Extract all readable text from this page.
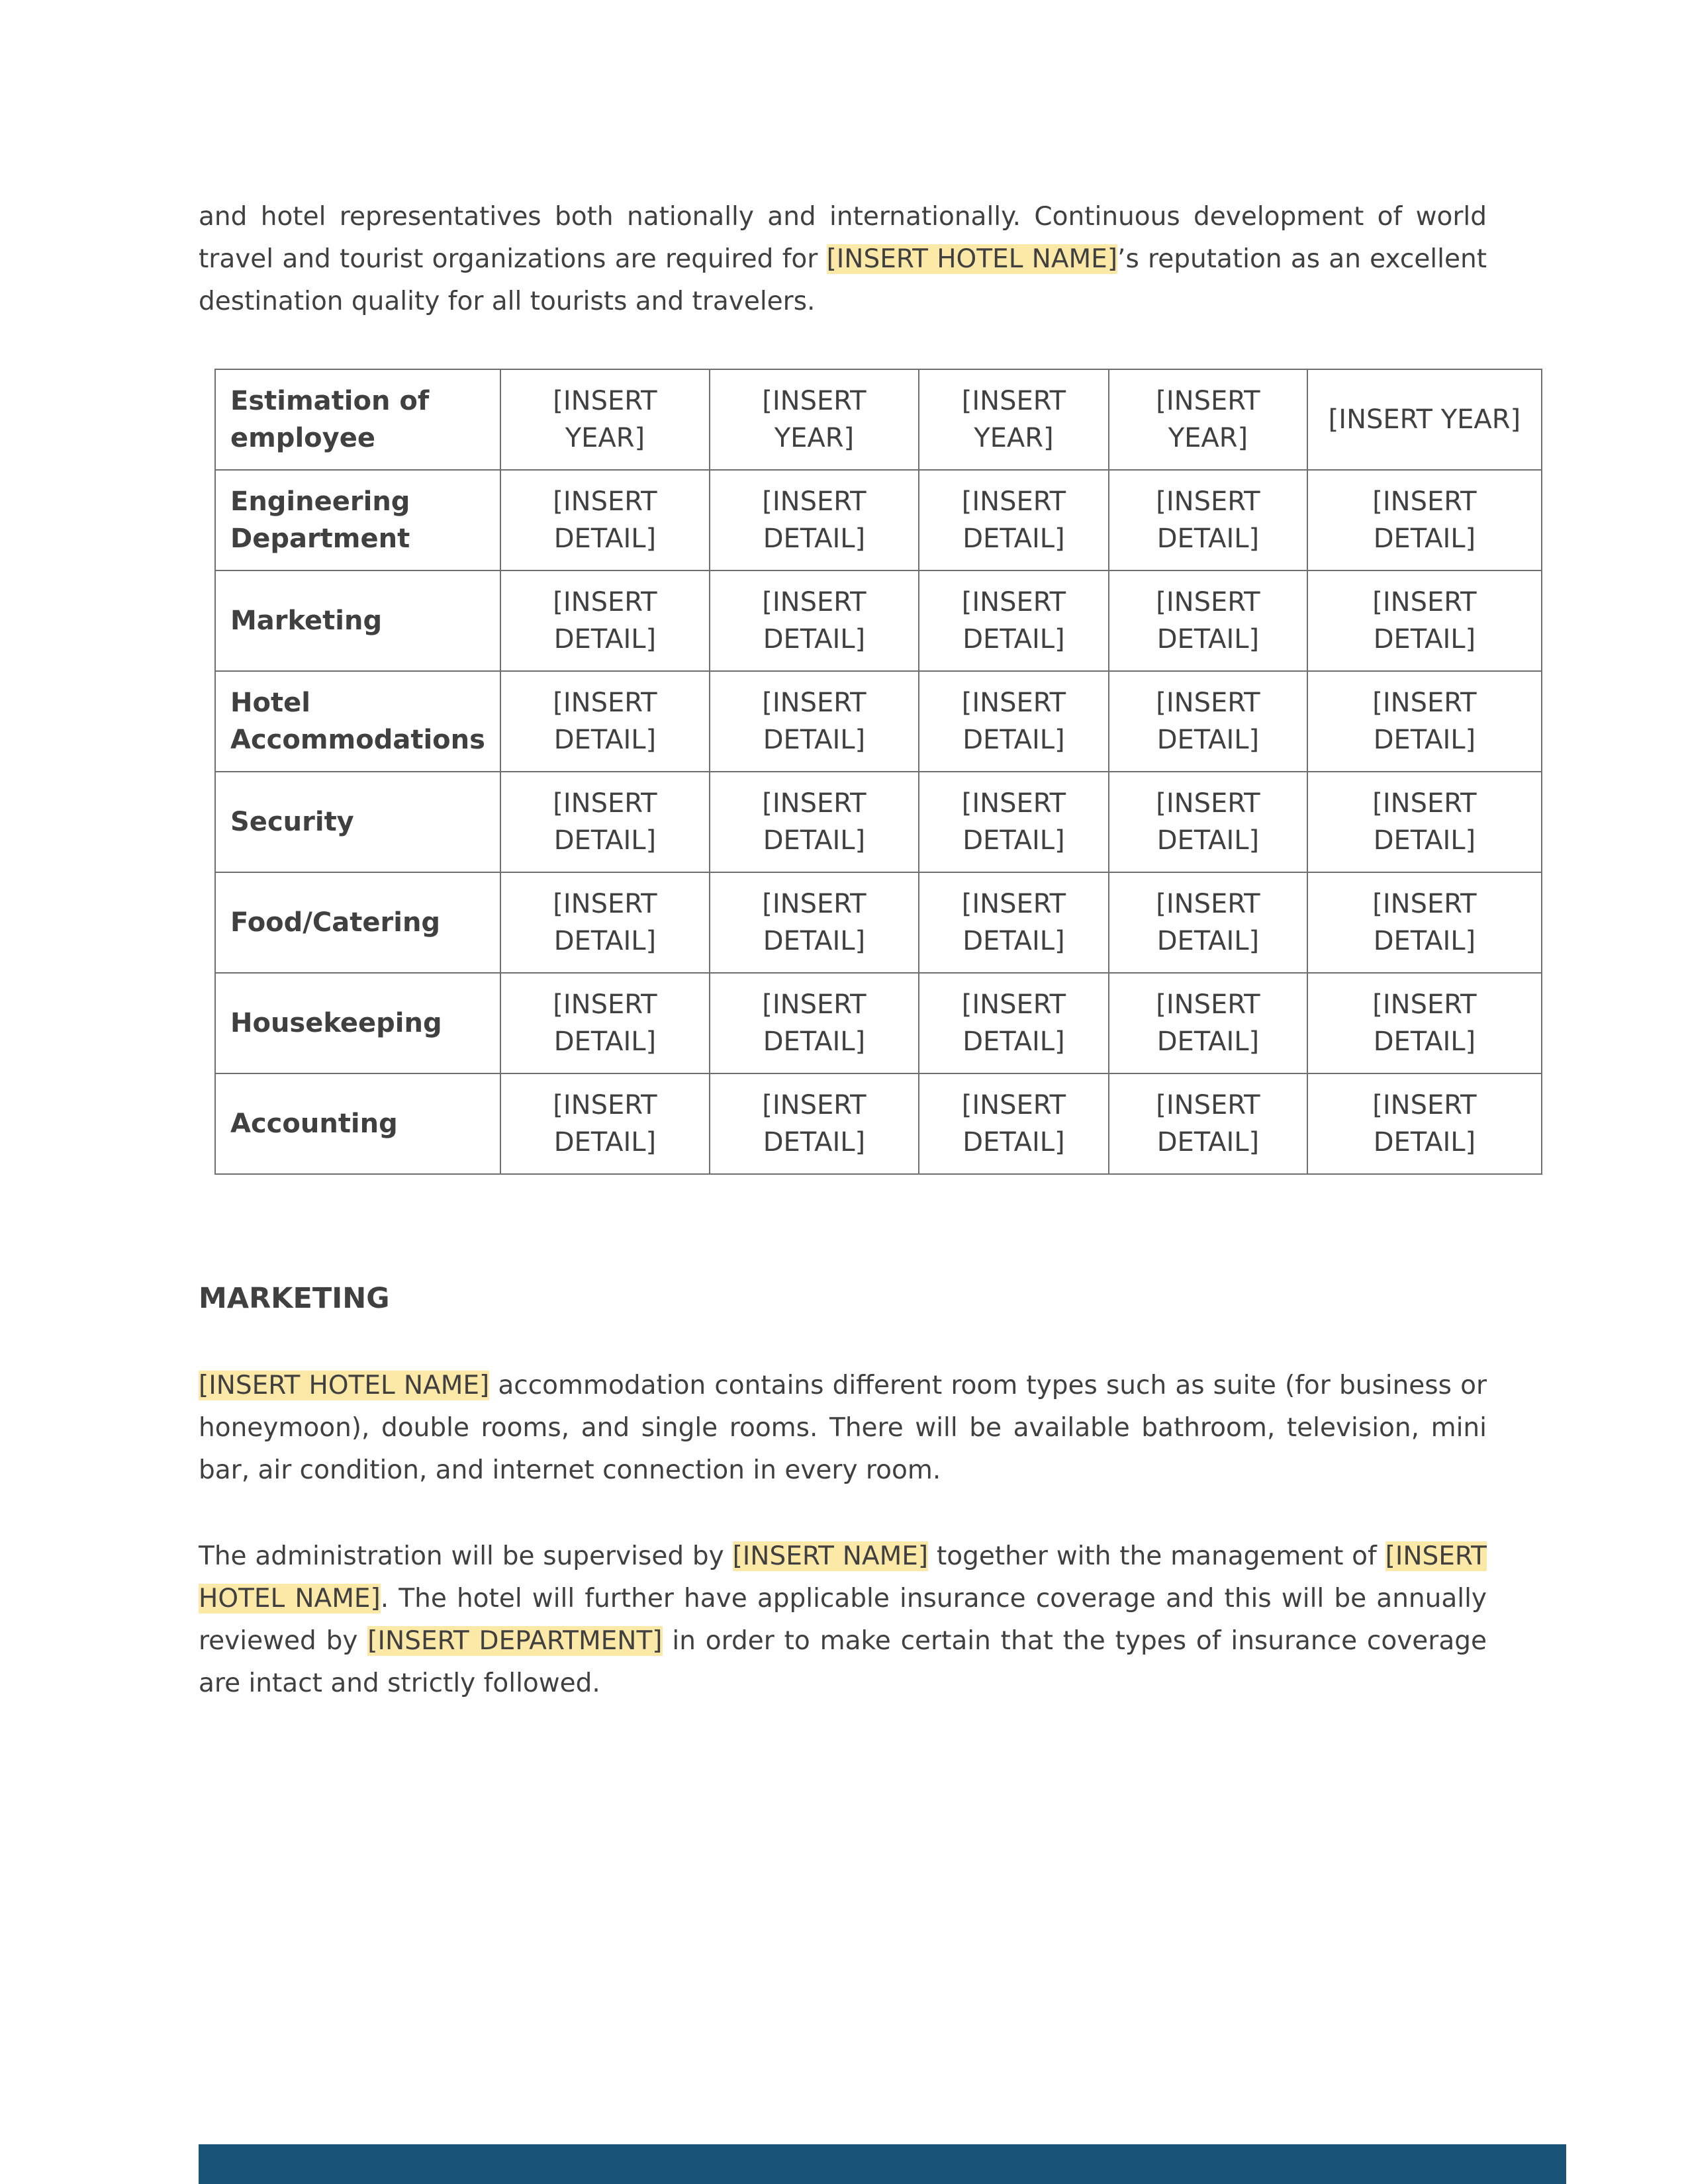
and hotel representatives both nationally and internationally. Continuous development of world travel and tourist organizations are required for [INSERT HOTEL NAME]’s reputation as an excellent destination quality for all tourists and travelers.

Estimation of employee	[INSERT YEAR]	[INSERT YEAR]	[INSERT YEAR]	[INSERT YEAR]	[INSERT YEAR]
Engineering Department	[INSERT DETAIL]	[INSERT DETAIL]	[INSERT DETAIL]	[INSERT DETAIL]	[INSERT DETAIL]
Marketing	[INSERT DETAIL]	[INSERT DETAIL]	[INSERT DETAIL]	[INSERT DETAIL]	[INSERT DETAIL]
Hotel Accommodations	[INSERT DETAIL]	[INSERT DETAIL]	[INSERT DETAIL]	[INSERT DETAIL]	[INSERT DETAIL]
Security	[INSERT DETAIL]	[INSERT DETAIL]	[INSERT DETAIL]	[INSERT DETAIL]	[INSERT DETAIL]
Food/Catering	[INSERT DETAIL]	[INSERT DETAIL]	[INSERT DETAIL]	[INSERT DETAIL]	[INSERT DETAIL]
Housekeeping	[INSERT DETAIL]	[INSERT DETAIL]	[INSERT DETAIL]	[INSERT DETAIL]	[INSERT DETAIL]
Accounting	[INSERT DETAIL]	[INSERT DETAIL]	[INSERT DETAIL]	[INSERT DETAIL]	[INSERT DETAIL]
MARKETING

[INSERT HOTEL NAME] accommodation contains different room types such as suite (for business or honeymoon), double rooms, and single rooms. There will be available bathroom, television, mini bar, air condition, and internet connection in every room.

The administration will be supervised by [INSERT NAME] together with the management of [INSERT HOTEL NAME]. The hotel will further have applicable insurance coverage and this will be annually reviewed by [INSERT DEPARTMENT] in order to make certain that the types of insurance coverage are intact and strictly followed.
